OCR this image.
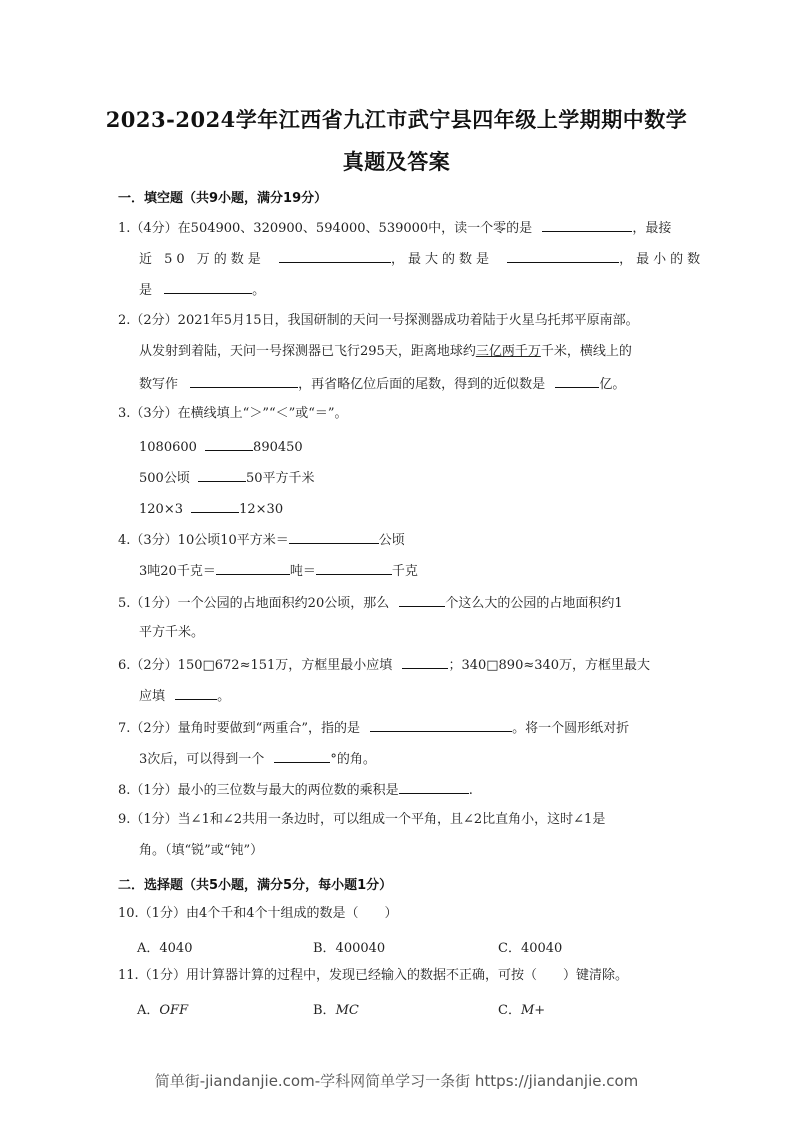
2023-2024学年江西省九江市武宁县四年级上学期期中数学
真题及答案
一．填空题（共9小题，满分19分）
1.（4分）在504900、320900、594000、539000中，读一个零的是	，最接
近 50 万的数是	，最大的数是	，最小的数
是	。
2.（2分）2021年5月15日，我国研制的天问一号探测器成功着陆于火星乌托邦平原南部。
从发射到着陆，天问一号探测器已飞行295天，距离地球约三亿两千万千米，横线上的
数写作	，再省略亿位后面的尾数，得到的近似数是	亿。
3.（3分）在横线填上“＞”“＜”或“＝”。
1080600	890450
500公顷	50平方千米
120×3	12×30
4.（3分）10公顷10平方米＝	公顷
3吨20千克＝	吨＝	千克
5.（1分）一个公园的占地面积约20公顷，那么	个这么大的公园的占地面积约1
平方千米。
6.（2分）150□672≈151万，方框里最小应填	；340□890≈340万，方框里最大
应填	。
7.（2分）量角时要做到“两重合”，指的是	。将一个圆形纸对折
3次后，可以得到一个	°的角。
8.（1分）最小的三位数与最大的两位数的乘积是	.
9.（1分）当∠1和∠2共用一条边时，可以组成一个平角，且∠2比直角小，这时∠1是
角。（填“锐”或“钝”）
二．选择题（共5小题，满分5分，每小题1分）
10.（1分）由4个千和4个十组成的数是（　　）
A．4040	B．400040	C．40040
11.（1分）用计算器计算的过程中，发现已经输入的数据不正确，可按（　　）键清除。
A．OFF	B．MC	C．M+
简单街-jiandanjie.com-学科网简单学习一条街 https://jiandanjie.com
